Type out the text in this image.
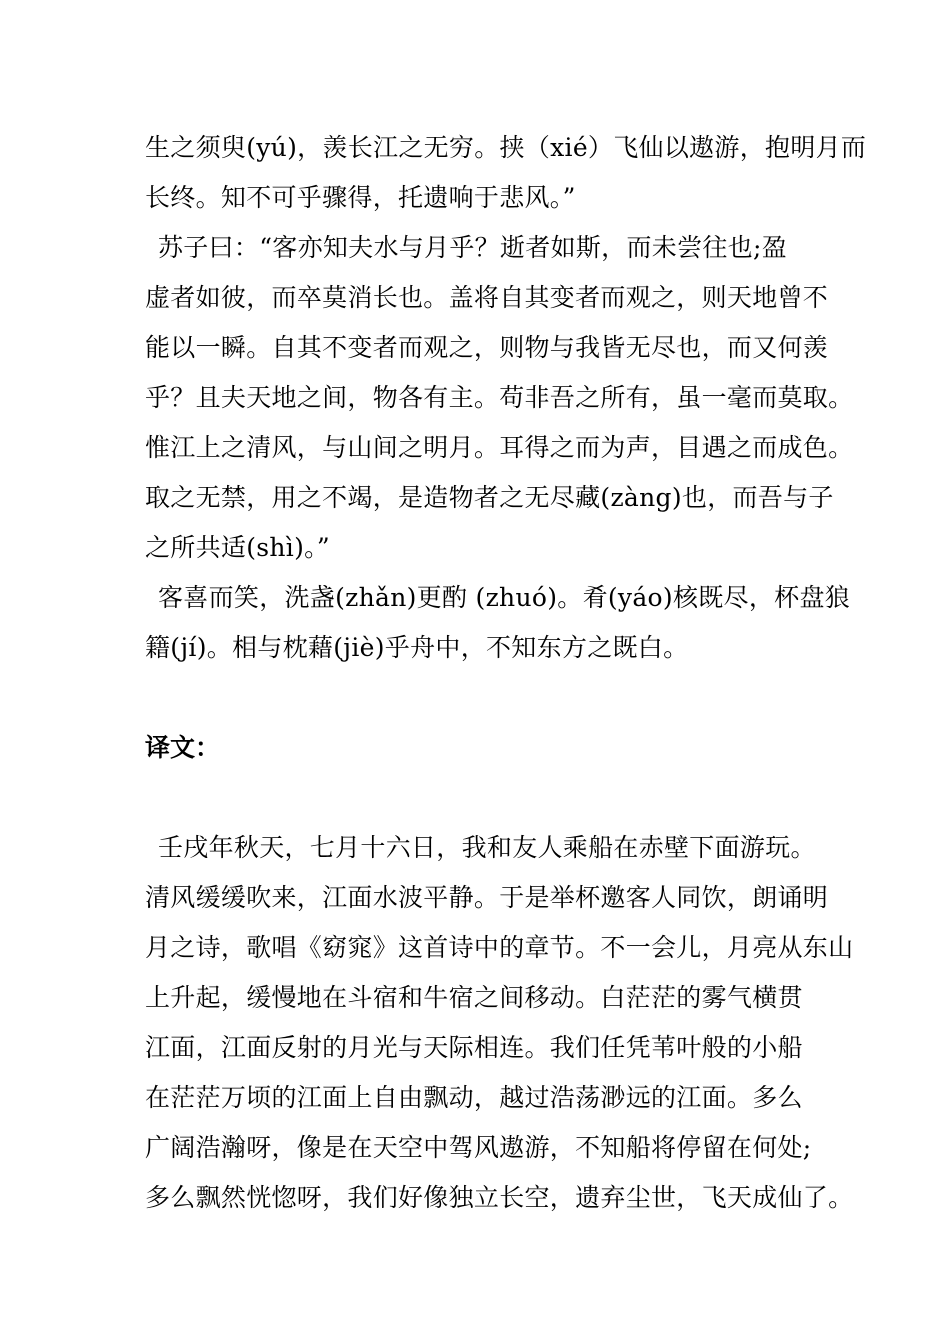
生之须臾(yú)，羡长江之无穷。挟（xié）飞仙以遨游，抱明月而
长终。知不可乎骤得，托遗响于悲风。”
苏子曰：“客亦知夫水与月乎？逝者如斯，而未尝往也;盈
虚者如彼，而卒莫消长也。盖将自其变者而观之，则天地曾不
能以一瞬。自其不变者而观之，则物与我皆无尽也，而又何羡
乎？且夫天地之间，物各有主。苟非吾之所有，虽一毫而莫取。
惟江上之清风，与山间之明月。耳得之而为声，目遇之而成色。
取之无禁，用之不竭，是造物者之无尽藏(zàng)也，而吾与子
之所共适(shì)。”
客喜而笑，洗盏(zhǎn)更酌 (zhuó)。肴(yáo)核既尽，杯盘狼
籍(jí)。相与枕藉(jiè)乎舟中，不知东方之既白。
译文：
壬戌年秋天，七月十六日，我和友人乘船在赤壁下面游玩。
清风缓缓吹来，江面水波平静。于是举杯邀客人同饮，朗诵明
月之诗，歌唱《窈窕》这首诗中的章节。不一会儿，月亮从东山
上升起，缓慢地在斗宿和牛宿之间移动。白茫茫的雾气横贯
江面，江面反射的月光与天际相连。我们任凭苇叶般的小船
在茫茫万顷的江面上自由飘动，越过浩荡渺远的江面。多么
广阔浩瀚呀，像是在天空中驾风遨游，不知船将停留在何处;
多么飘然恍惚呀，我们好像独立长空，遗弃尘世，飞天成仙了。
